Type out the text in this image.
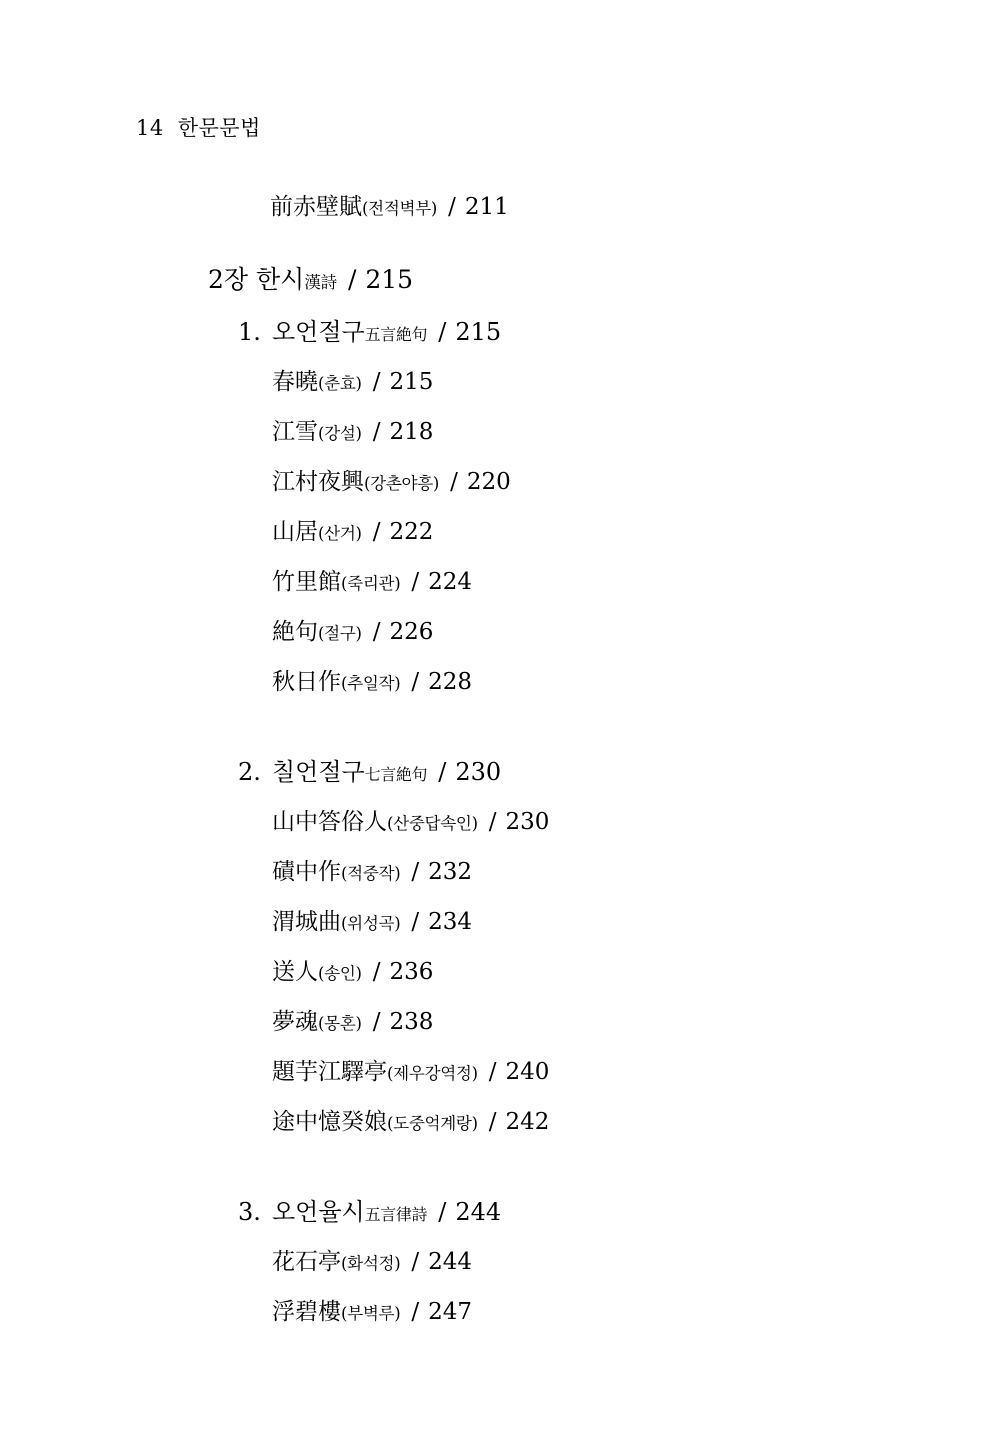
14 한문문법
前赤壁賦(전적벽부) / 211
2장 한시漢詩 / 215
1. 오언절구五言絶句 / 215
春曉(춘효) / 215
江雪(강설) / 218
江村夜興(강촌야흥) / 220
山居(산거) / 222
竹里館(죽리관) / 224
絶句(절구) / 226
秋日作(추일작) / 228
2. 칠언절구七言絶句 / 230
山中答俗人(산중답속인) / 230
磧中作(적중작) / 232
渭城曲(위성곡) / 234
送人(송인) / 236
夢魂(몽혼) / 238
題芋江驛亭(제우강역정) / 240
途中憶癸娘(도중억계랑) / 242
3. 오언율시五言律詩 / 244
花石亭(화석정) / 244
浮碧樓(부벽루) / 247
